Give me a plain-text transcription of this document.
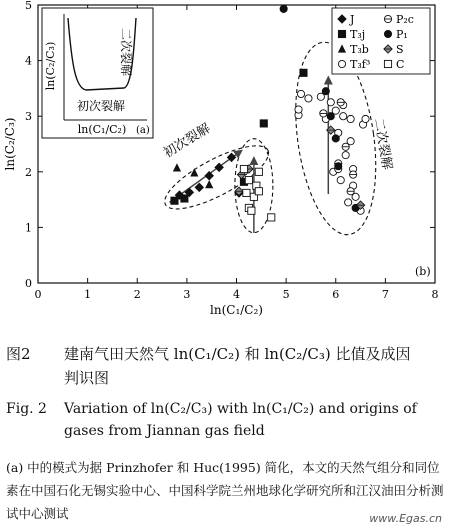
0	1	2	3	4	5	6	7	8
0
1
2
3
4
5
ln(C₁/C₂)
ln(C₂/C₃)
(b)
初次裂解	二次裂解
J
T₃j
T₃b
T₃f³
P₂c
P₁
S
C
ln(C₂/C₃)
ln(C₁/C₂) (a)
初次裂解
二次裂解
图2 建南气田天然气 ln(C₁/C₂) 和 ln(C₂/C₃) 比值及成因
判识图
Fig. 2 Variation of ln(C₂/C₃) with ln(C₁/C₂) and origins of
gases from Jiannan gas field
(a) 中的模式为据 Prinzhofer 和 Huc(1995) 简化，本文的天然气组分和同位素在中国石化无锡实验中心、中国科学院兰州地球化学研究所和江汉油田分析测试中心测试	www.Egas.cn
